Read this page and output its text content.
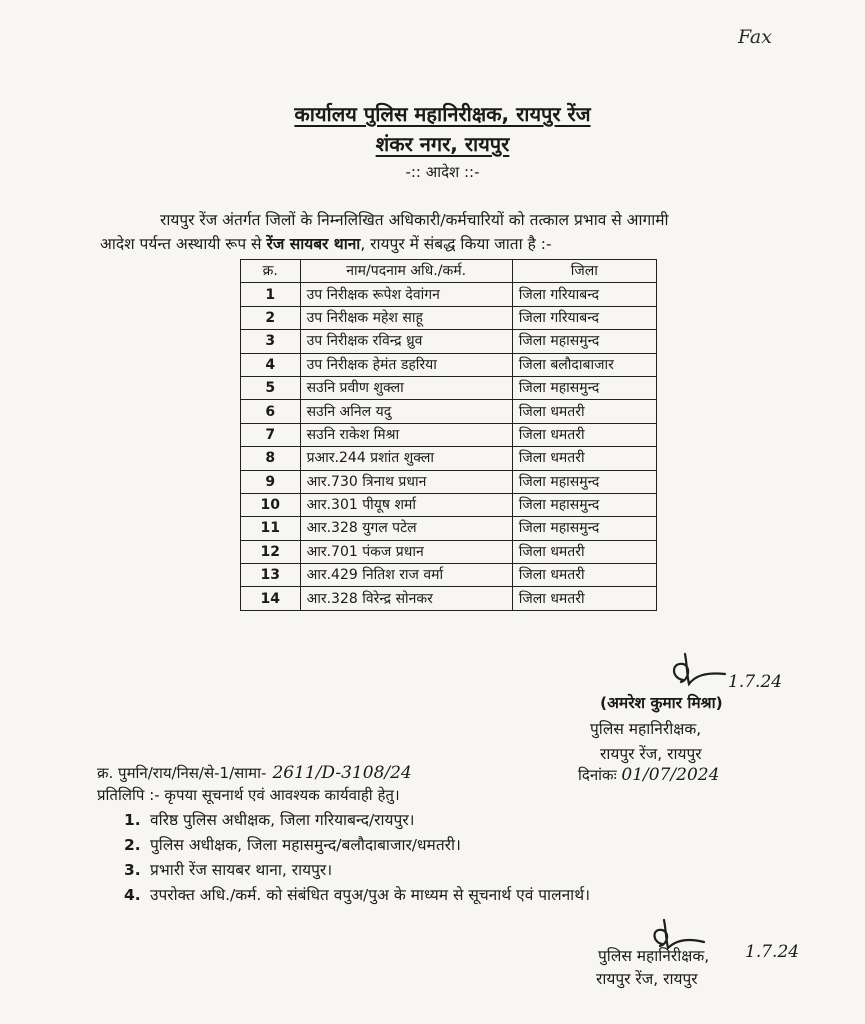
Fax
कार्यालय पुलिस महानिरीक्षक, रायपुर रेंज
शंकर नगर, रायपुर
-:: आदेश ::-
रायपुर रेंज अंतर्गत जिलों के निम्नलिखित अधिकारी/कर्मचारियों को तत्काल प्रभाव से आगामी
आदेश पर्यन्त अस्थायी रूप से रेंज सायबर थाना, रायपुर में संबद्ध किया जाता है :-
क्र.	नाम/पदनाम अधि./कर्म.	जिला
1	उप निरीक्षक रूपेश देवांगन	जिला गरियाबन्द
2	उप निरीक्षक महेश साहू	जिला गरियाबन्द
3	उप निरीक्षक रविन्द्र ध्रुव	जिला महासमुन्द
4	उप निरीक्षक हेमंत डहरिया	जिला बलौदाबाजार
5	सउनि प्रवीण शुक्ला	जिला महासमुन्द
6	सउनि अनिल यदु	जिला धमतरी
7	सउनि राकेश मिश्रा	जिला धमतरी
8	प्रआर.244 प्रशांत शुक्ला	जिला धमतरी
9	आर.730 त्रिनाथ प्रधान	जिला महासमुन्द
10	आर.301 पीयूष शर्मा	जिला महासमुन्द
11	आर.328 युगल पटेल	जिला महासमुन्द
12	आर.701 पंकज प्रधान	जिला धमतरी
13	आर.429 नितिश राज वर्मा	जिला धमतरी
14	आर.328 विरेन्द्र सोनकर	जिला धमतरी
1.7.24
(अमरेश कुमार मिश्रा)
पुलिस महानिरीक्षक,
रायपुर रेंज, रायपुर
क्र. पुमनि/राय/निस/से-1/सामा- 2611/D-3108/24	दिनांकः 01/07/2024
प्रतिलिपि :- कृपया सूचनार्थ एवं आवश्यक कार्यवाही हेतु।
1. वरिष्ठ पुलिस अधीक्षक, जिला गरियाबन्द/रायपुर।
2. पुलिस अधीक्षक, जिला महासमुन्द/बलौदाबाजार/धमतरी।
3. प्रभारी रेंज सायबर थाना, रायपुर।
4. उपरोक्त अधि./कर्म. को संबंधित वपुअ/पुअ के माध्यम से सूचनार्थ एवं पालनार्थ।
पुलिस महानिरीक्षक, 1.7.24
रायपुर रेंज, रायपुर
